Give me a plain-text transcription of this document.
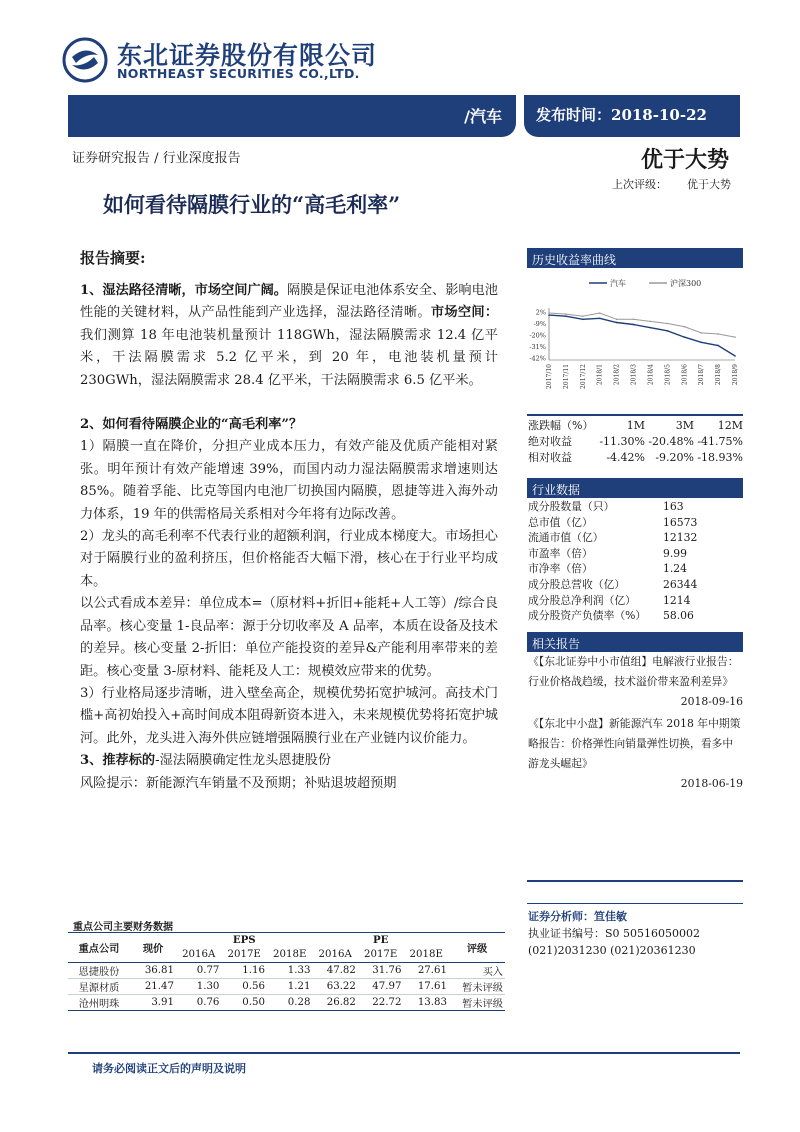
东北证券股份有限公司
NORTHEAST SECURITIES CO.,LTD.
/汽车 发布时间：2018-10-22
证券研究报告 / 行业深度报告	优于大势
上次评级： 优于大势
如何看待隔膜行业的“高毛利率”
报告摘要:

1、湿法路径清晰，市场空间广阔。隔膜是保证电池体系安全、影响电池性能的关键材料，从产品性能到产业选择，湿法路径清晰。市场空间：我们测算 18 年电池装机量预计 118GWh，湿法隔膜需求 12.4 亿平米，干法隔膜需求 5.2 亿平米，到 20 年，电池装机量预计 230GWh，湿法隔膜需求 28.4 亿平米，干法隔膜需求 6.5 亿平米。

2、如何看待隔膜企业的“高毛利率”？

1）隔膜一直在降价，分担产业成本压力，有效产能及优质产能相对紧张。明年预计有效产能增速 39%，而国内动力湿法隔膜需求增速则达 85%。随着孚能、比克等国内电池厂切换国内隔膜，恩捷等进入海外动力体系，19 年的供需格局关系相对今年将有边际改善。

2）龙头的高毛利率不代表行业的超额利润，行业成本梯度大。市场担心对于隔膜行业的盈利挤压，但价格能否大幅下滑，核心在于行业平均成本。

以公式看成本差异：单位成本=（原材料+折旧+能耗+人工等）/综合良品率。核心变量 1-良品率：源于分切收率及 A 品率，本质在设备及技术的差异。核心变量 2-折旧：单位产能投资的差异&产能利用率带来的差距。核心变量 3-原材料、能耗及人工：规模效应带来的优势。

3）行业格局逐步清晰，进入壁垒高企，规模优势拓宽护城河。高技术门槛+高初始投入+高时间成本阻碍新资本进入，未来规模优势将拓宽护城河。此外，龙头进入海外供应链增强隔膜行业在产业链内议价能力。

3、推荐标的-湿法隔膜确定性龙头恩捷股份

风险提示：新能源汽车销量不及预期；补贴退坡超预期

历史收益率曲线
汽车	沪深300
2%
-9%
-20%
-31%
-42%
2017/10 2017/11 2017/12 2018/1 2018/2 2018/3 2018/4 2018/5 2018/6 2018/7 2018/8 2018/9
涨跌幅（%）	1M	3M	12M
绝对收益	-11.30% -20.48% -41.75%
相对收益	-4.42% -9.20% -18.93%
行业数据
成分股数量（只）	163
总市值（亿）	16573
流通市值（亿）	12132
市盈率（倍）	9.99
市净率（倍）	1.24
成分股总营收（亿）	26344
成分股总净利润（亿）	1214
成分股资产负债率（%）	58.06
相关报告
《【东北证券中小市值组】电解液行业报告：行业价格战趋缓，技术溢价带来盈利差异》
2018-09-16
《【东北中小盘】新能源汽车 2018 年中期策略报告：价格弹性向销量弹性切换，看多中游龙头崛起》
2018-06-19
证券分析师：笪佳敏
执业证书编号：S0 50516050002
(021)2031230 (021)20361230
重点公司主要财务数据
重点公司	现价	EPS			PE			评级
		2016A	2017E	2018E	2016A	2017E	2018E	
恩捷股份	36.81	0.77	1.16	1.33	47.82	31.76	27.61	买入
星源材质	21.47	1.30	0.56	1.21	63.22	47.97	17.61	暂未评级
沧州明珠	3.91	0.76	0.50	0.28	26.82	22.72	13.83	暂未评级
请务必阅读正文后的声明及说明
